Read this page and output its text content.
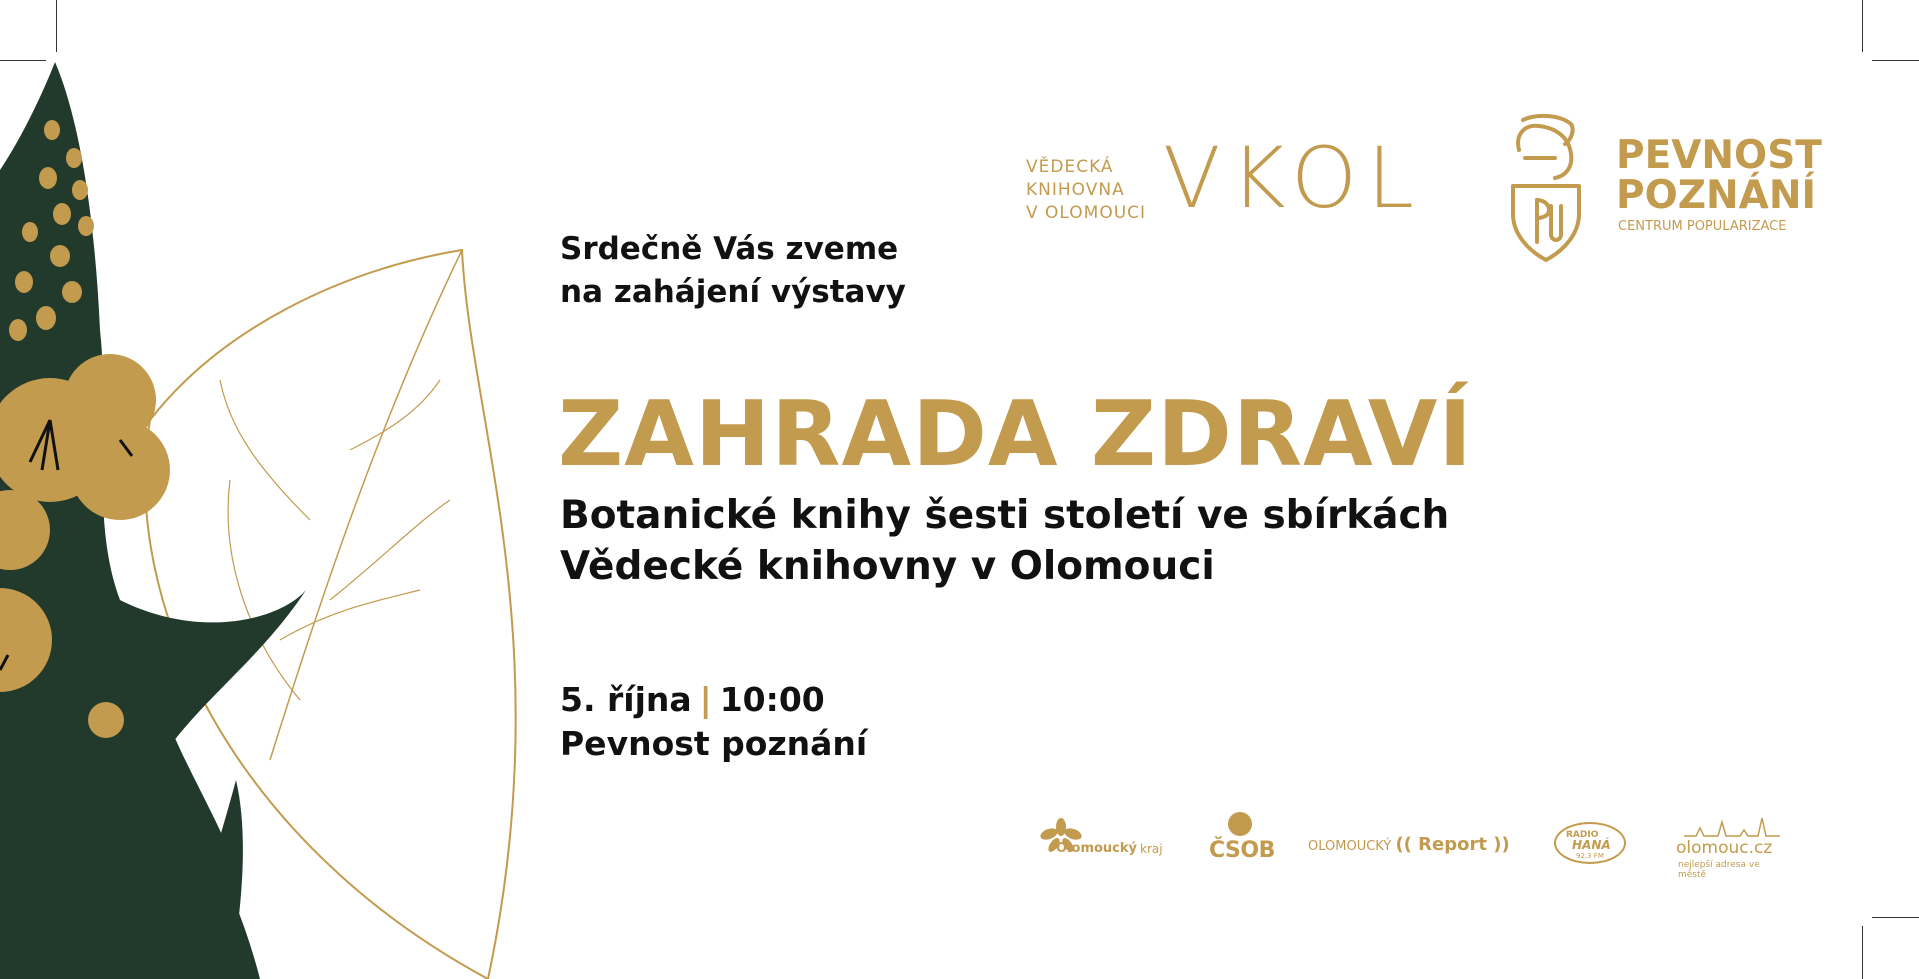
VĚDECKÁ
KNIHOVNA
V OLOMOUCI VKOL	PEVNOST
POZNÁNÍ
CENTRUM POPULARIZACE
Srdečně Vás zveme
na zahájení výstavy
ZAHRADA ZDRAVÍ
Botanické knihy šesti století ve sbírkách
Vědecké knihovny v Olomouci
5. října | 10:00
Pevnost poznání
Olomoucký kraj ČSOB	OLOMOUCKÝ (( Report ))	RADIO
HANÁ
92,3 FM	olomouc.cz
nejlepší adresa ve městě
